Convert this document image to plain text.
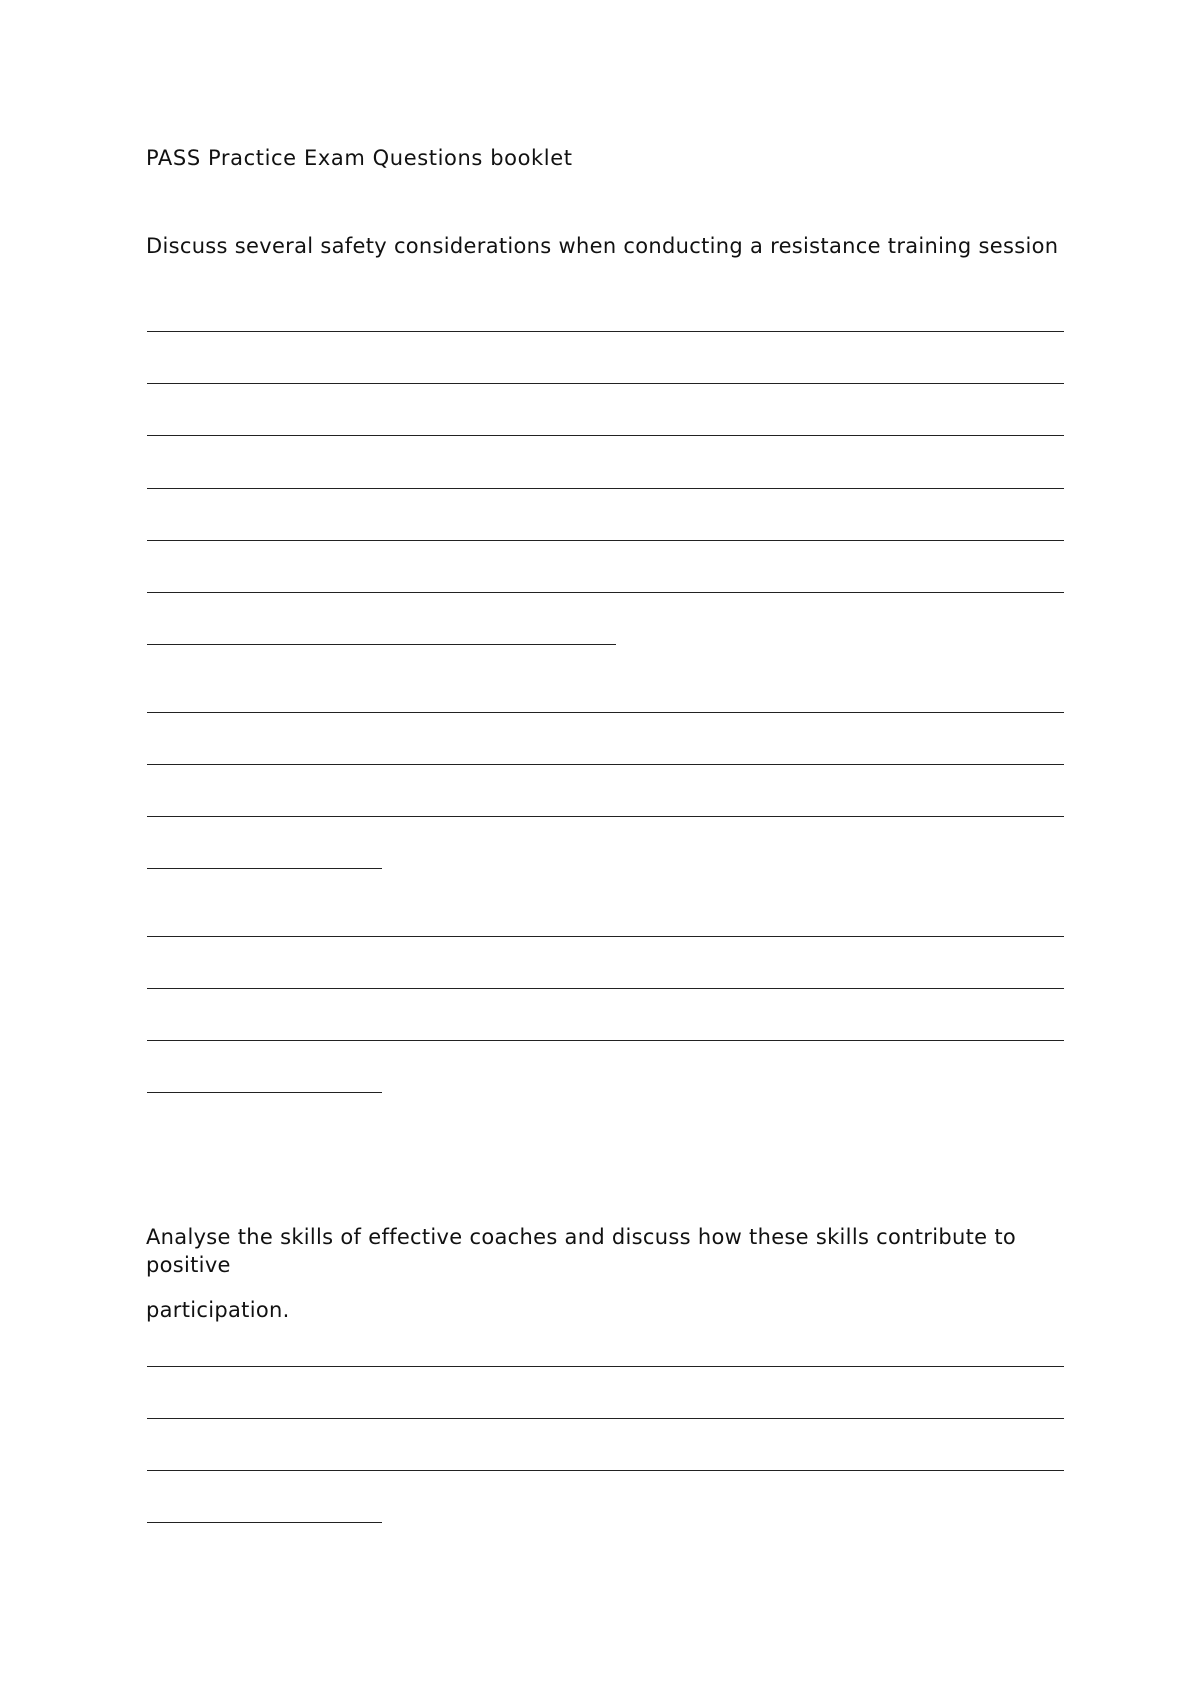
PASS Practice Exam Questions booklet
Discuss several safety considerations when conducting a resistance training session
Analyse the skills of effective coaches and discuss how these skills contribute to positive
participation.
